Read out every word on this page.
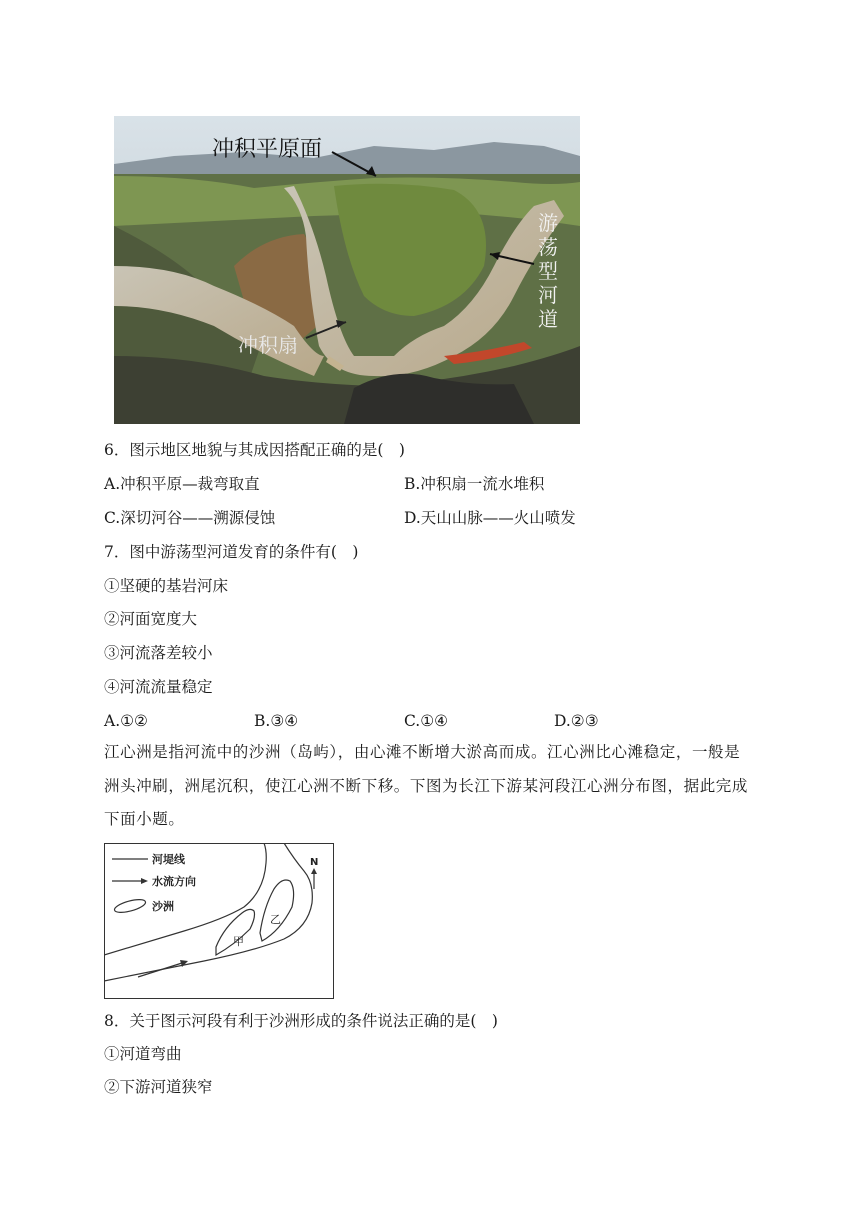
冲积平原面
冲积扇
游
荡
型
河
道
6．图示地区地貌与其成因搭配正确的是(　)
A.冲积平原—裁弯取直	B.冲积扇一流水堆积
C.深切河谷——溯源侵蚀	D.天山山脉——火山喷发
7．图中游荡型河道发育的条件有(　)
①坚硬的基岩河床
②河面宽度大
③河流落差较小
④河流流量稳定
A.①②	B.③④	C.①④	D.②③
江心洲是指河流中的沙洲（岛屿），由心滩不断增大淤高而成。江心洲比心滩稳定，一般是洲头冲刷，洲尾沉积，使江心洲不断下移。下图为长江下游某河段江心洲分布图，据此完成下面小题。
河堤线
水流方向
沙洲
N
甲
乙
8．关于图示河段有利于沙洲形成的条件说法正确的是(　)
①河道弯曲
②下游河道狭窄
